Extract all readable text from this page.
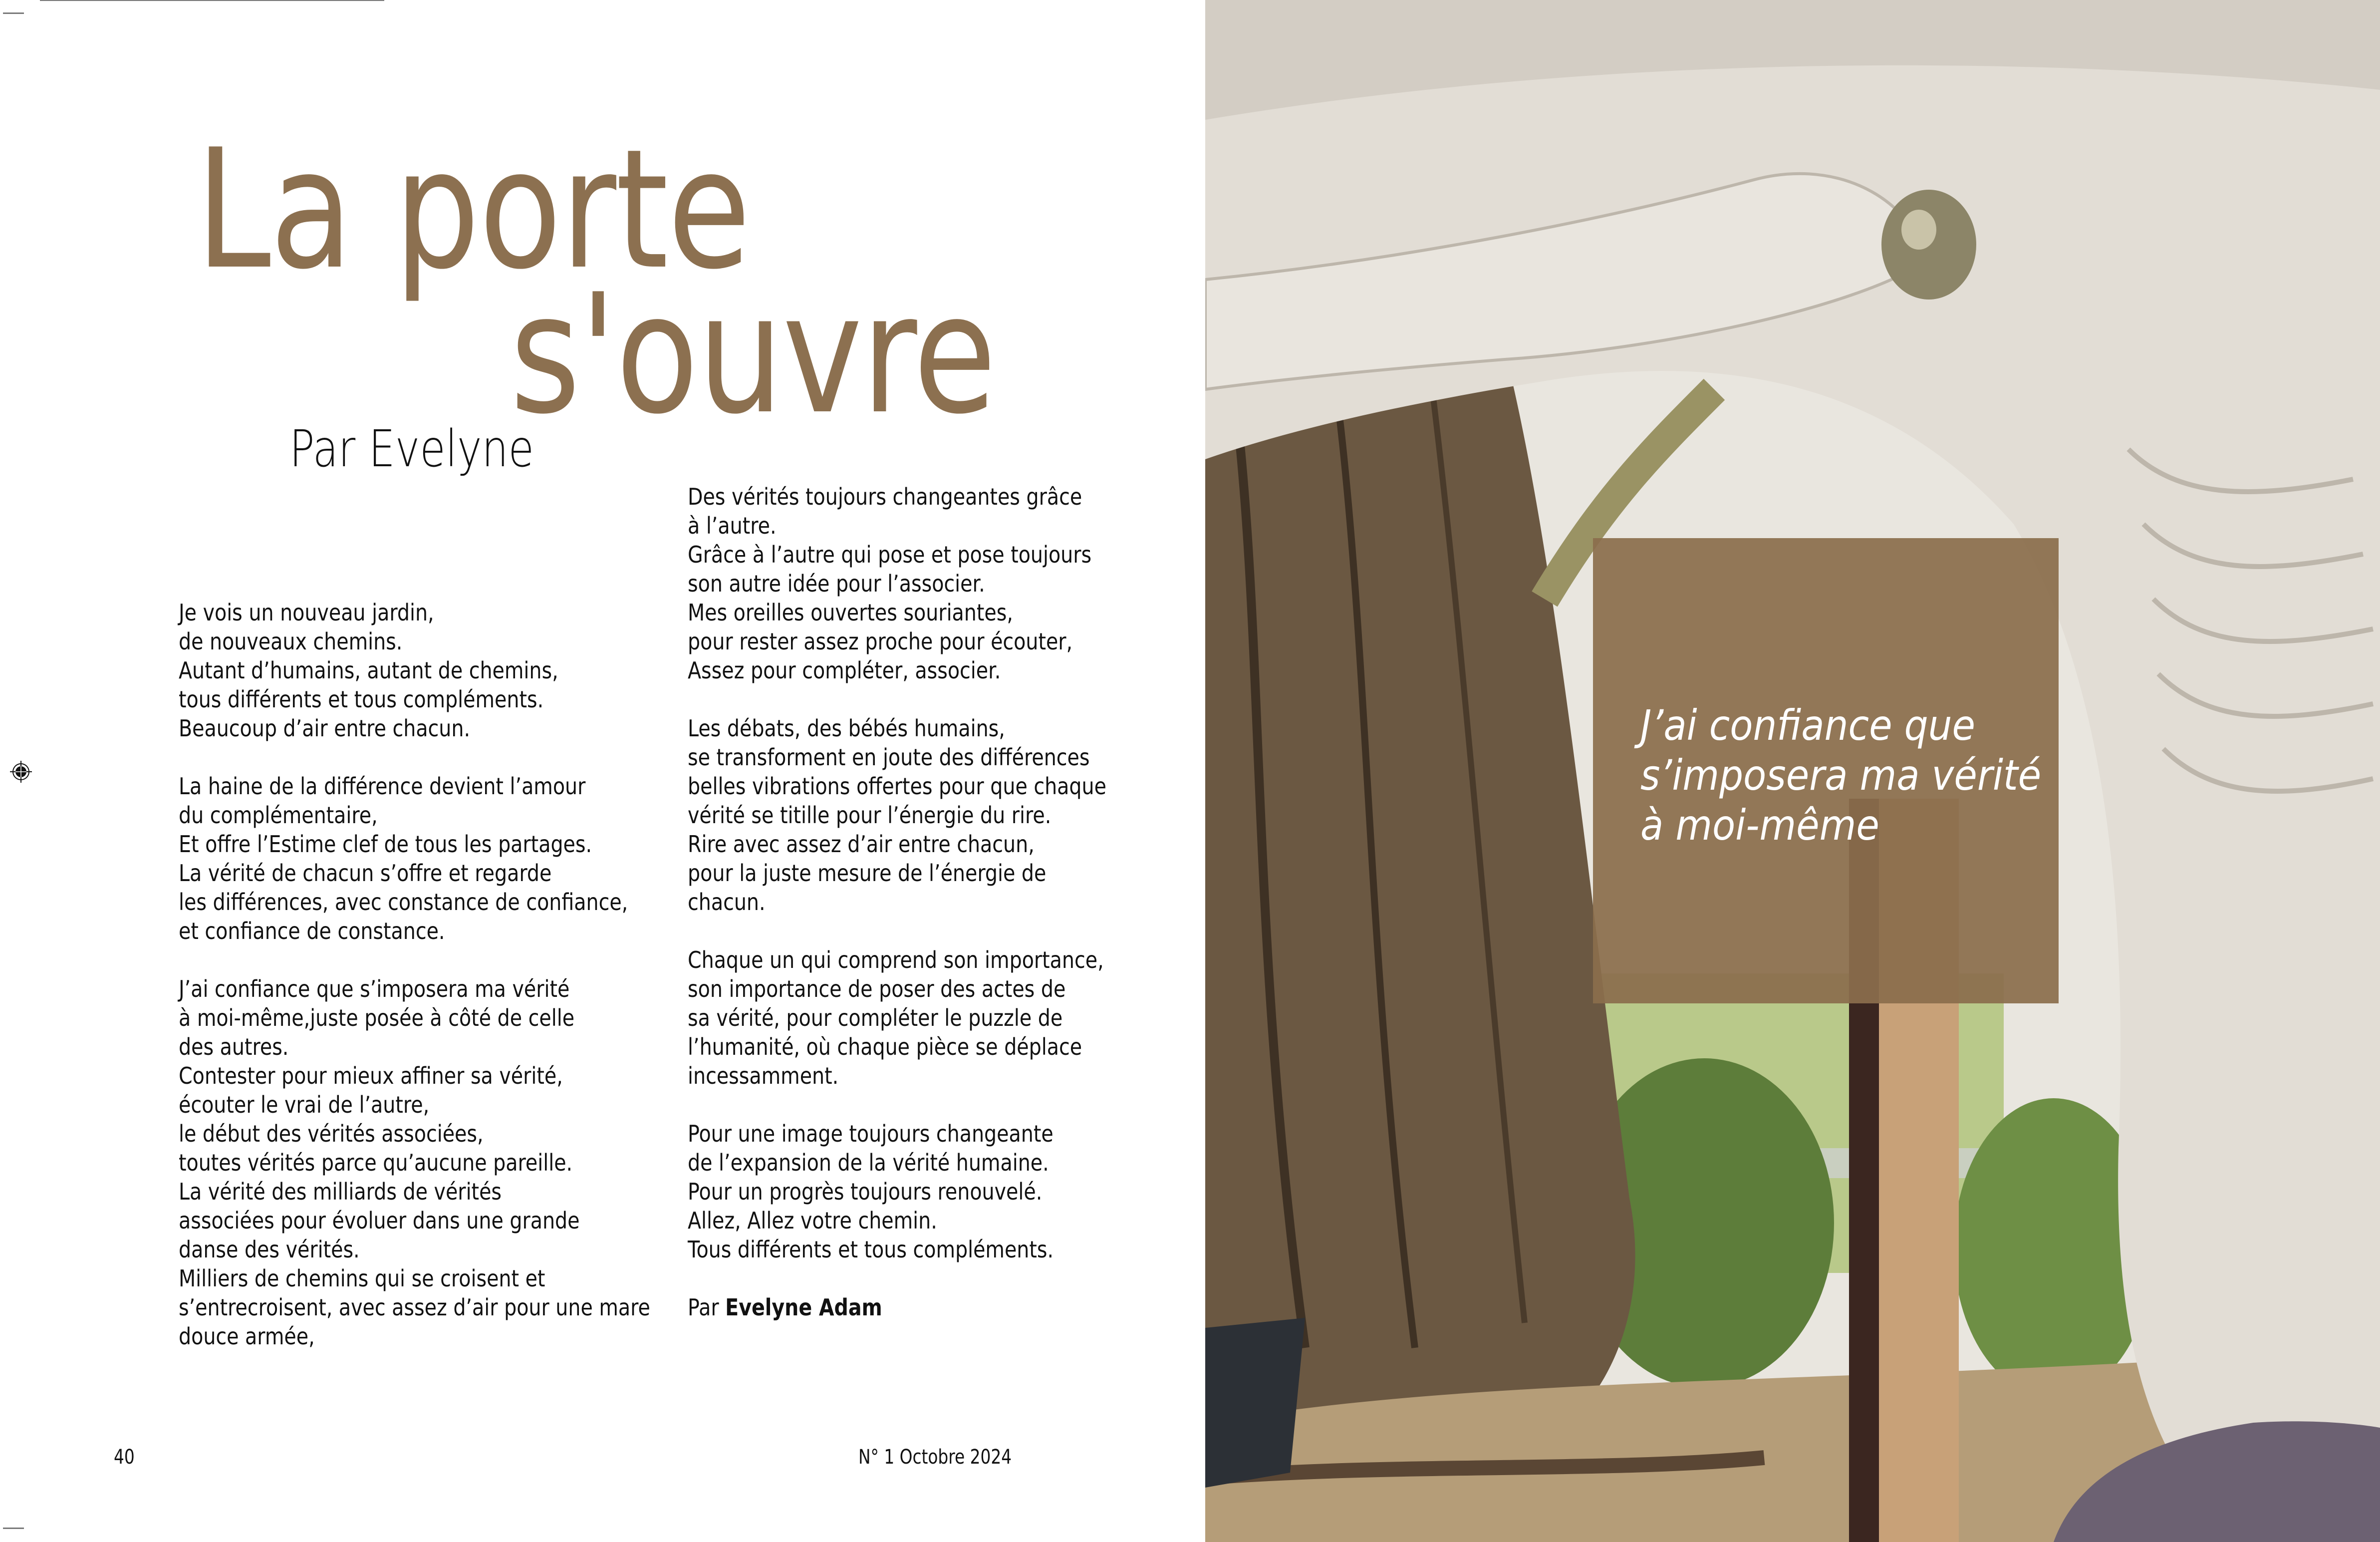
La porte
s'ouvre
Par Evelyne
Je vois un nouveau jardin,
de nouveaux chemins.
Autant d’humains, autant de chemins,
tous différents et tous compléments.
Beaucoup d’air entre chacun.
La haine de la différence devient l’amour
du complémentaire,
Et offre l’Estime clef de tous les partages.
La vérité de chacun s’offre et regarde
les différences, avec constance de confiance,
et confiance de constance.
J’ai confiance que s’imposera ma vérité
à moi-même,juste posée à côté de celle
des autres.
Contester pour mieux affiner sa vérité,
écouter le vrai de l’autre,
le début des vérités associées,
toutes vérités parce qu’aucune pareille.
La vérité des milliards de vérités
associées pour évoluer dans une grande
danse des vérités.
Milliers de chemins qui se croisent et
s’entrecroisent, avec assez d’air pour une mare
douce armée,
Des vérités toujours changeantes grâce
à l’autre.
Grâce à l’autre qui pose et pose toujours
son autre idée pour l’associer.
Mes oreilles ouvertes souriantes,
pour rester assez proche pour écouter,
Assez pour compléter, associer.
Les débats, des bébés humains,
se transforment en joute des différences
belles vibrations offertes pour que chaque
vérité se titille pour l’énergie du rire.
Rire avec assez d’air entre chacun,
pour la juste mesure de l’énergie de
chacun.
Chaque un qui comprend son importance,
son importance de poser des actes de
sa vérité, pour compléter le puzzle de
l’humanité, où chaque pièce se déplace
incessamment.
Pour une image toujours changeante
de l’expansion de la vérité humaine.
Pour un progrès toujours renouvelé.
Allez, Allez votre chemin.
Tous différents et tous compléments.
Par Evelyne Adam
40	N° 1 Octobre 2024
J’ai confiance que
s’imposera ma vérité
à moi-même
